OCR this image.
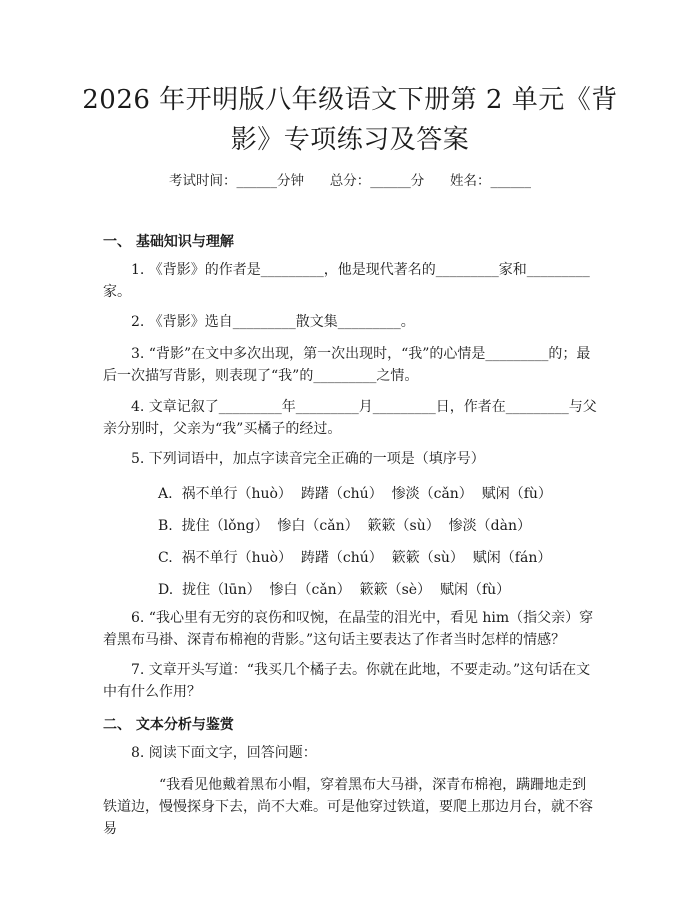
2026 年开明版八年级语文下册第 2 单元《背
影》专项练习及答案
考试时间：______分钟      总分：______分      姓名：______
一、 基础知识与理解
1. 《背影》的作者是_________，他是现代著名的_________家和_________家。
2. 《背影》选自_________散文集_________。
3. “背影”在文中多次出现，第一次出现时，“我”的心情是_________的；最后一次描写背影，则表现了“我”的_________之情。
4. 文章记叙了_________年_________月_________日，作者在_________与父亲分别时，父亲为“我”买橘子的经过。
5. 下列词语中，加点字读音完全正确的一项是（填序号）
A.  祸不单行（huò）  踌躇（chú）  惨淡（cǎn）  赋闲（fù）
B.  拢住（lǒng）  惨白（cǎn）  簌簌（sù）  惨淡（dàn）
C.  祸不单行（huò）  踌躇（chú）  簌簌（sù）  赋闲（fán）
D.  拢住（lūn）  惨白（cǎn）  簌簌（sè）  赋闲（fù）
6. “我心里有无穷的哀伤和叹惋，在晶莹的泪光中，看见 him（指父亲）穿着黑布马褂、深青布棉袍的背影。”这句话主要表达了作者当时怎样的情感？
7. 文章开头写道：“我买几个橘子去。你就在此地，不要走动。”这句话在文中有什么作用？
二、 文本分析与鉴赏
8. 阅读下面文字，回答问题：
“我看见他戴着黑布小帽，穿着黑布大马褂，深青布棉袍，蹒跚地走到铁道边，慢慢探身下去，尚不大难。可是他穿过铁道，要爬上那边月台，就不容易
